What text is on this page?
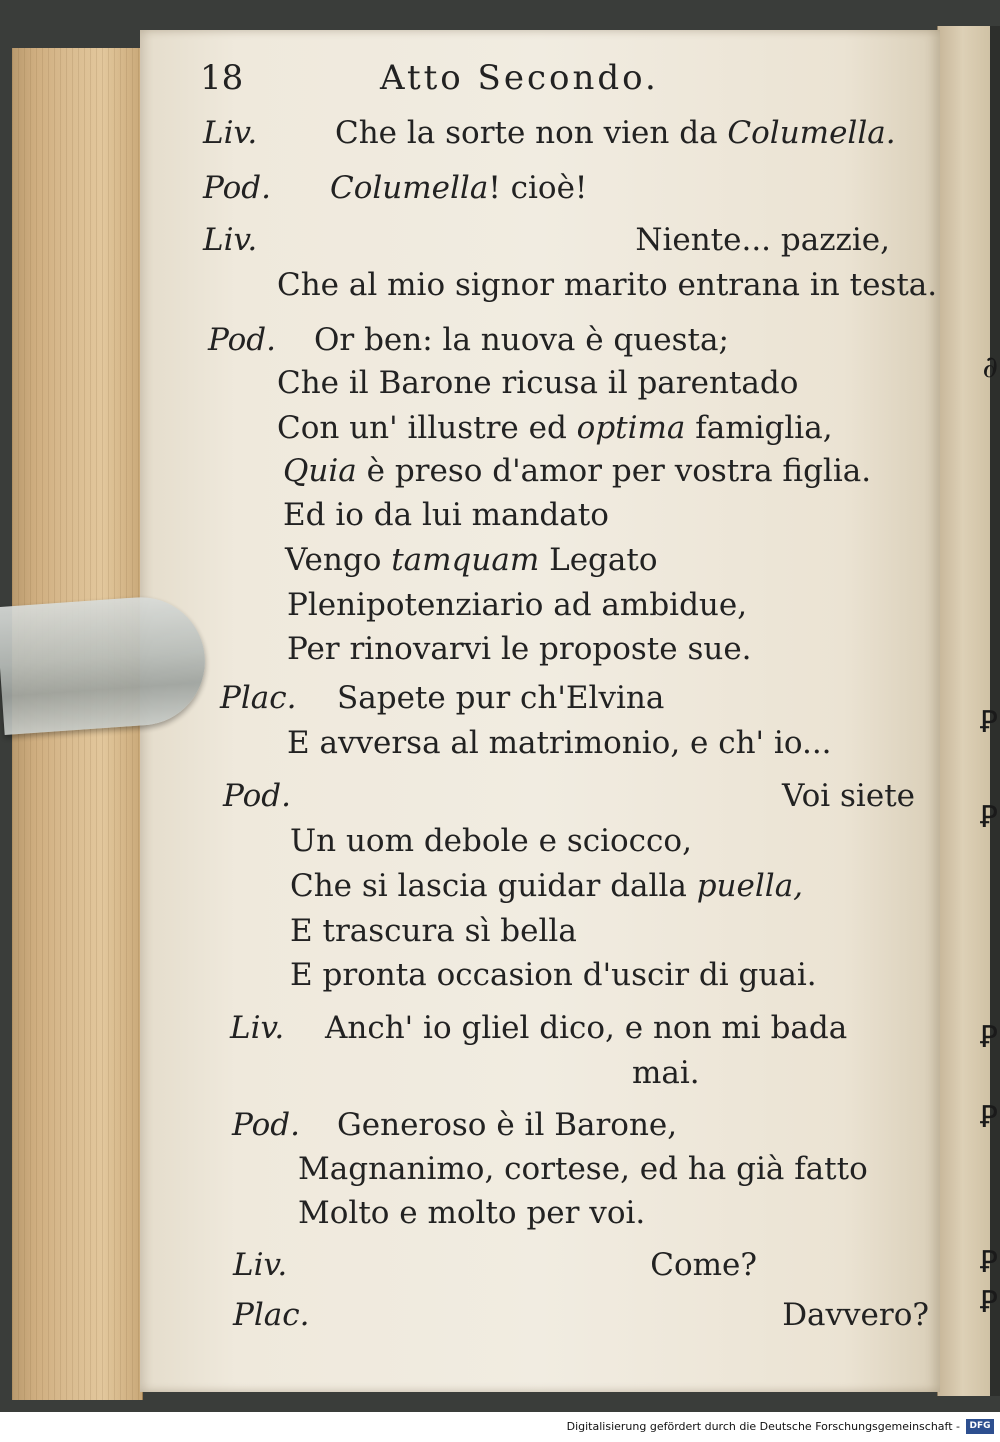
∂
Ꝑ
Ꝑ
Ꝑ
Ꝑ
Ꝑ
Ꝑ
18	Atto Secondo.
Liv.	Che la sorte non vien da Columella.
Pod. Columella! cioè!
Liv.	Niente... pazzie,
Che al mio signor marito entrana in testa.
Pod. Or ben: la nuova è questa;
Che il Barone ricusa il parentado
Con un' illustre ed optima famiglia,
Quia è preso d'amor per vostra figlia.
Ed io da lui mandato
Vengo tamquam Legato
Plenipotenziario ad ambidue,
Per rinovarvi le proposte sue.
Plac. Sapete pur ch'Elvina
E avversa al matrimonio, e ch' io...
Pod.	Voi siete
Un uom debole e sciocco,
Che si lascia guidar dalla puella,
E trascura sì bella
E pronta occasion d'uscir di guai.
Liv. Anch' io gliel dico, e non mi bada
mai.
Pod. Generoso è il Barone,
Magnanimo, cortese, ed ha già fatto
Molto e molto per voi.
Liv.	Come?
Plac.	Davvero?
Digitalisierung gefördert durch die Deutsche Forschungsgemeinschaft -	DFG
